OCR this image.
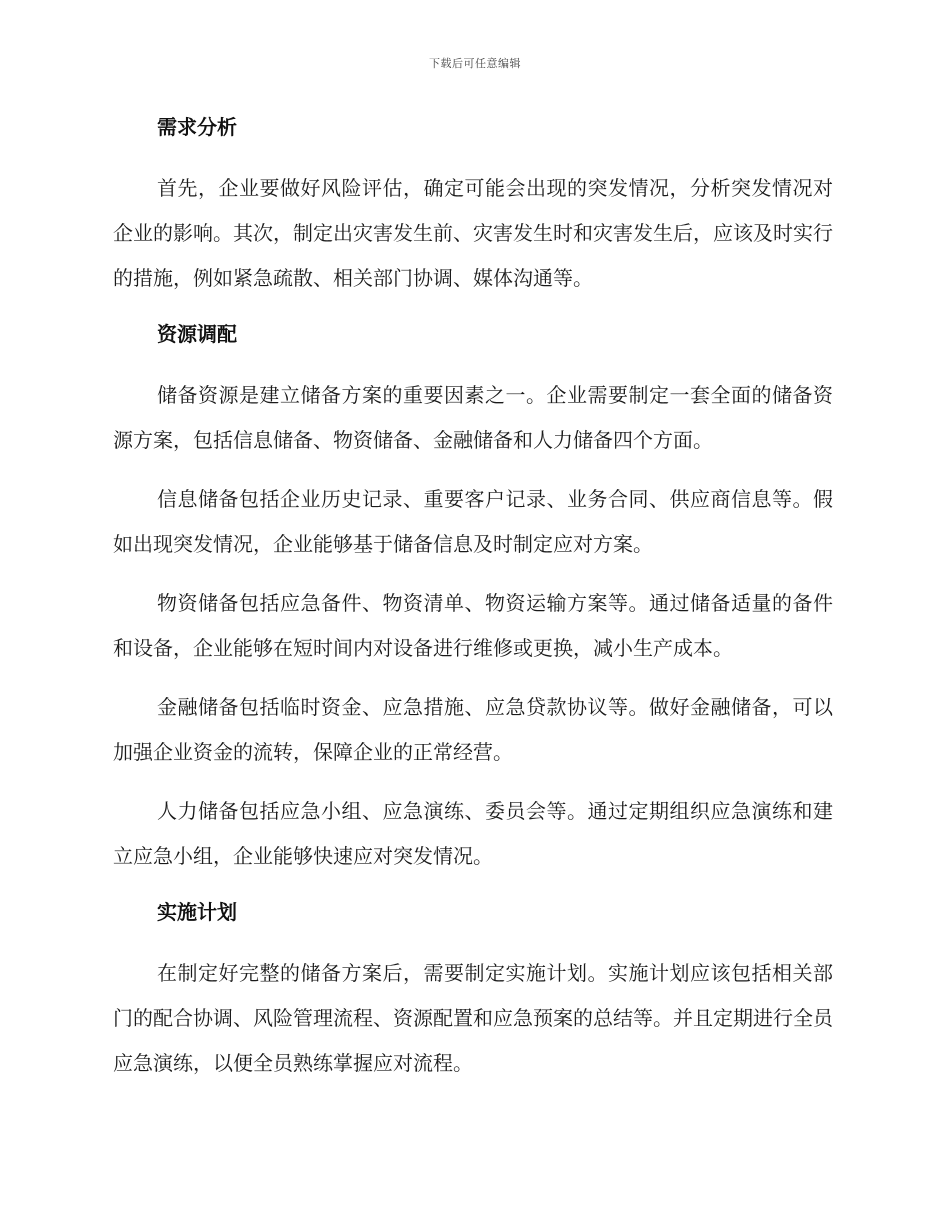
下载后可任意编辑
需求分析

首先，企业要做好风险评估，确定可能会出现的突发情况，分析突发情况对企业的影响。其次，制定出灾害发生前、灾害发生时和灾害发生后，应该及时实行的措施，例如紧急疏散、相关部门协调、媒体沟通等。

资源调配

储备资源是建立储备方案的重要因素之一。企业需要制定一套全面的储备资源方案，包括信息储备、物资储备、金融储备和人力储备四个方面。

信息储备包括企业历史记录、重要客户记录、业务合同、供应商信息等。假如出现突发情况，企业能够基于储备信息及时制定应对方案。

物资储备包括应急备件、物资清单、物资运输方案等。通过储备适量的备件和设备，企业能够在短时间内对设备进行维修或更换，减小生产成本。

金融储备包括临时资金、应急措施、应急贷款协议等。做好金融储备，可以加强企业资金的流转，保障企业的正常经营。

人力储备包括应急小组、应急演练、委员会等。通过定期组织应急演练和建立应急小组，企业能够快速应对突发情况。

实施计划

在制定好完整的储备方案后，需要制定实施计划。实施计划应该包括相关部门的配合协调、风险管理流程、资源配置和应急预案的总结等。并且定期进行全员应急演练，以便全员熟练掌握应对流程。
